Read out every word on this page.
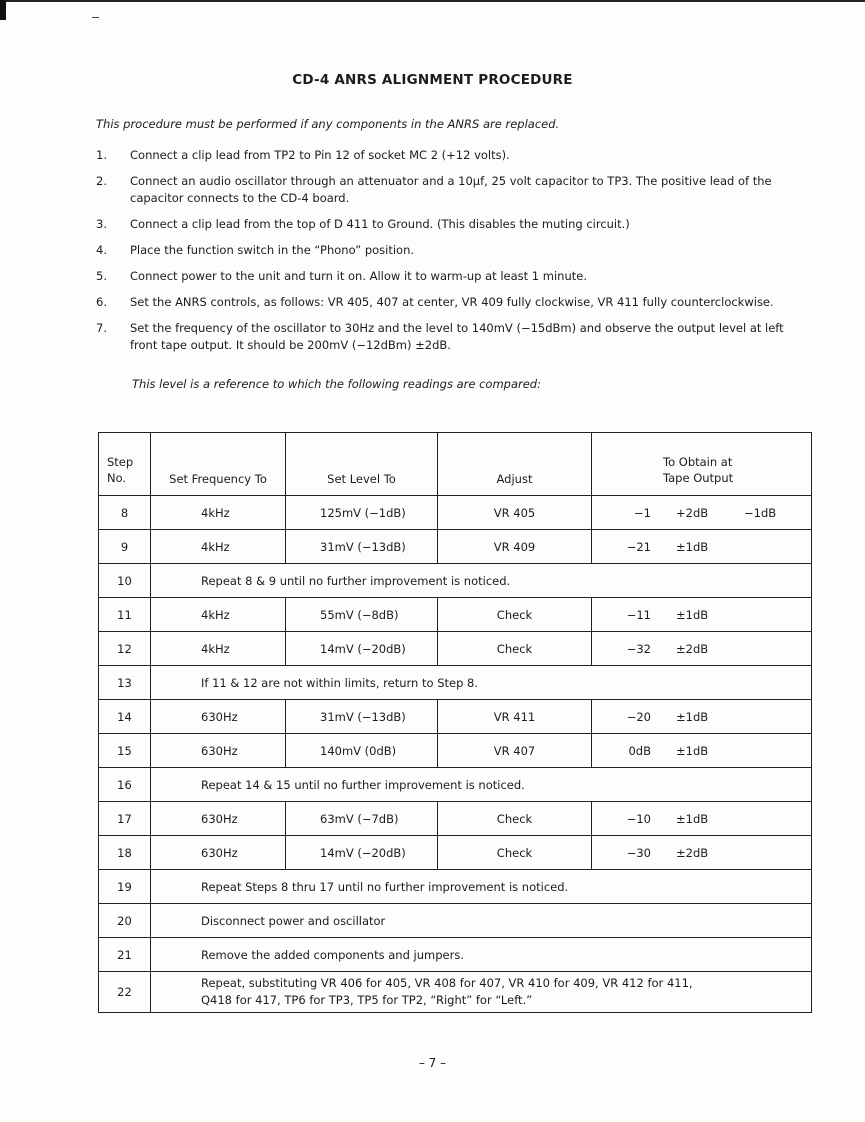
CD-4 ANRS ALIGNMENT PROCEDURE
This procedure must be performed if any components in the ANRS are replaced.
1.	Connect a clip lead from TP2 to Pin 12 of socket MC 2 (+12 volts).
2.	Connect an audio oscillator through an attenuator and a 10μf, 25 volt capacitor to TP3. The positive lead of the capacitor connects to the CD-4 board.
3.	Connect a clip lead from the top of D 411 to Ground. (This disables the muting circuit.)
4.	Place the function switch in the “Phono” position.
5.	Connect power to the unit and turn it on. Allow it to warm-up at least 1 minute.
6.	Set the ANRS controls, as follows: VR 405, 407 at center, VR 409 fully clockwise, VR 411 fully counterclockwise.
7.	Set the frequency of the oscillator to 30Hz and the level to 140mV (−15dBm) and observe the output level at left front tape output. It should be 200mV (−12dBm) ±2dB.
This level is a reference to which the following readings are compared:
Step
No.	Set Frequency To	Set Level To	Adjust	To Obtain at
Tape Output
8	4kHz	125mV (−1dB)	VR 405	−1 +2dB −1dB

9	4kHz	31mV (−13dB)	VR 409	−21 ±1dB

10	Repeat 8 & 9 until no further improvement is noticed.			
11	4kHz	55mV (−8dB)	Check	−11 ±1dB

12	4kHz	14mV (−20dB)	Check	−32 ±2dB

13	If 11 & 12 are not within limits, return to Step 8.			
14	630Hz	31mV (−13dB)	VR 411	−20 ±1dB

15	630Hz	140mV (0dB)	VR 407	0dB ±1dB

16	Repeat 14 & 15 until no further improvement is noticed.			
17	630Hz	63mV (−7dB)	Check	−10 ±1dB

18	630Hz	14mV (−20dB)	Check	−30 ±2dB

19	Repeat Steps 8 thru 17 until no further improvement is noticed.			
20	Disconnect power and oscillator			
21	Remove the added components and jumpers.			
22	Repeat, substituting VR 406 for 405, VR 408 for 407, VR 410 for 409, VR 412 for 411,
Q418 for 417, TP6 for TP3, TP5 for TP2, “Right” for “Left.”			
– 7 –
